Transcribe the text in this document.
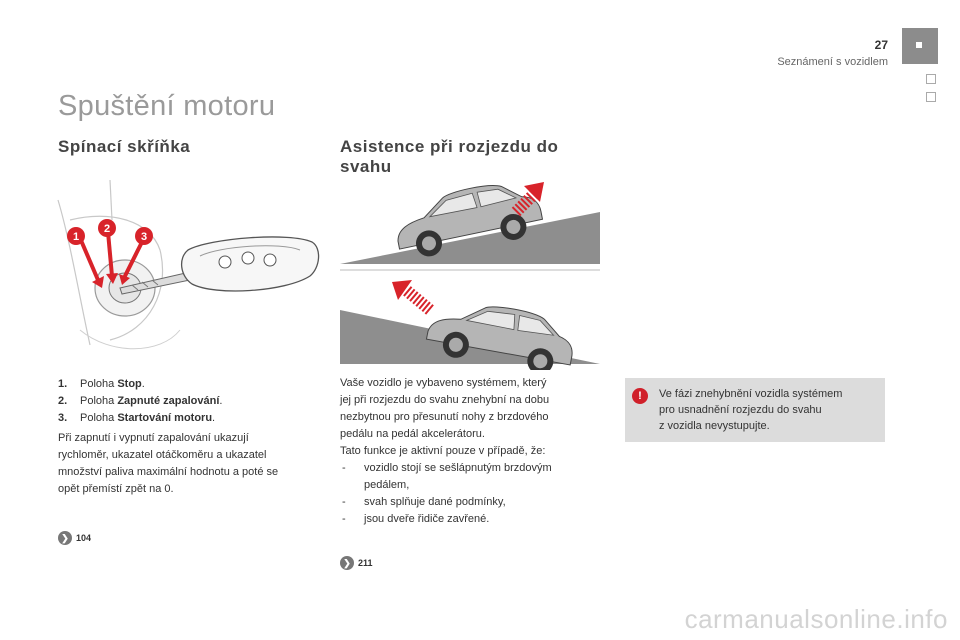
27
Seznámení s vozidlem
Spuštění motoru
Spínací skříňka
1
2
3
1. Poloha Stop.
2. Poloha Zapnuté zapalování.
3. Poloha Startování motoru.
Při zapnutí i vypnutí zapalování ukazují
rychloměr, ukazatel otáčkoměru a ukazatel
množství paliva maximální hodnotu a poté se
opět přemístí zpět na 0.
❯ 104
Asistence při rozjezdu do
svahu
Vaše vozidlo je vybaveno systémem, který
jej při rozjezdu do svahu znehybní na dobu
nezbytnou pro přesunutí nohy z brzdového
pedálu na pedál akcelerátoru.
Tato funkce je aktivní pouze v případě, že:
- vozidlo stojí se sešlápnutým brzdovým
pedálem,
- svah splňuje dané podmínky,
- jsou dveře řidiče zavřené.
❯ 211
!	Ve fázi znehybnění vozidla systémem
pro usnadnění rozjezdu do svahu
z vozidla nevystupujte.
carmanualsonline.info
